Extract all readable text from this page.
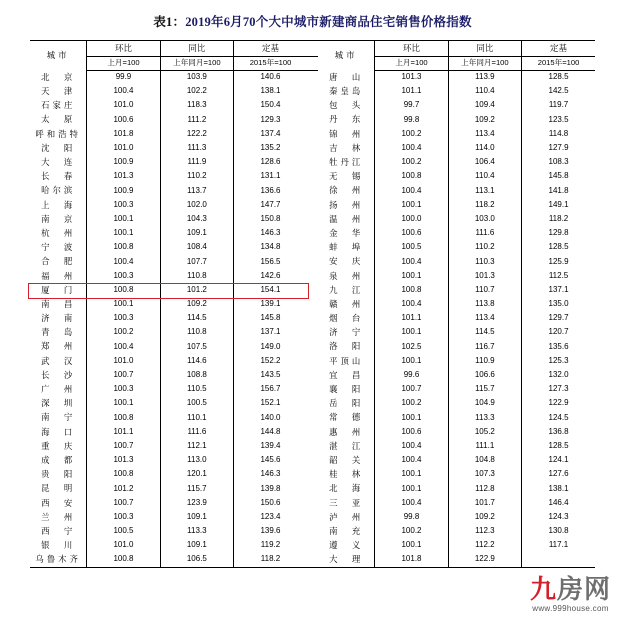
表1：2019年6月70个大中城市新建商品住宅销售价格指数
城市	环比	同比	定基		城市	环比	同比	定基
	上月=100	上年同月=100	2015年=100			上月=100	上年同月=100	2015年=100
北　京	99.9	103.9	140.6		唐　山	101.3	113.9	128.5
天　津	100.4	102.2	138.1		秦皇岛	101.1	110.4	142.5
石家庄	101.0	118.3	150.4		包　头	99.7	109.4	119.7
太　原	100.6	111.2	129.3		丹　东	99.8	109.2	123.5
呼和浩特	101.8	122.2	137.4		锦　州	100.2	113.4	114.8
沈　阳	101.0	111.3	135.2		吉　林	100.4	114.0	127.9
大　连	100.9	111.9	128.6		牡丹江	100.2	106.4	108.3
长　春	101.3	110.2	131.1		无　锡	100.8	110.4	145.8
哈尔滨	100.9	113.7	136.6		徐　州	100.4	113.1	141.8
上　海	100.3	102.0	147.7		扬　州	100.1	118.2	149.1
南　京	100.1	104.3	150.8		温　州	100.0	103.0	118.2
杭　州	100.1	109.1	146.3		金　华	100.6	111.6	129.8
宁　波	100.8	108.4	134.8		蚌　埠	100.5	110.2	128.5
合　肥	100.4	107.7	156.5		安　庆	100.4	110.3	125.9
福　州	100.3	110.8	142.6		泉　州	100.1	101.3	112.5
厦　门	100.8	101.2	154.1		九　江	100.8	110.7	137.1
南　昌	100.1	109.2	139.1		赣　州	100.4	113.8	135.0
济　南	100.3	114.5	145.8		烟　台	101.1	113.4	129.7
青　岛	100.2	110.8	137.1		济　宁	100.1	114.5	120.7
郑　州	100.4	107.5	149.0		洛　阳	102.5	116.7	135.6
武　汉	101.0	114.6	152.2		平顶山	100.1	110.9	125.3
长　沙	100.7	108.8	143.5		宜　昌	99.6	106.6	132.0
广　州	100.3	110.5	156.7		襄　阳	100.7	115.7	127.3
深　圳	100.1	100.5	152.1		岳　阳	100.2	104.9	122.9
南　宁	100.8	110.1	140.0		常　德	100.1	113.3	124.5
海　口	101.1	111.6	144.8		惠　州	100.6	105.2	136.8
重　庆	100.7	112.1	139.4		湛　江	100.4	111.1	128.5
成　都	101.3	113.0	145.6		韶　关	100.4	104.8	124.1
贵　阳	100.8	120.1	146.3		桂　林	100.1	107.3	127.6
昆　明	101.2	115.7	139.8		北　海	100.1	112.8	138.1
西　安	100.7	123.9	150.6		三　亚	100.4	101.7	146.4
兰　州	100.3	109.1	123.4		泸　州	99.8	109.2	124.3
西　宁	100.5	113.3	139.6		南　充	100.2	112.3	130.8
银　川	101.0	109.1	119.2		遵　义	100.1	112.2	117.1
乌鲁木齐	100.8	106.5	118.2		大　理	101.8	122.9	
九房网
www.999house.com
